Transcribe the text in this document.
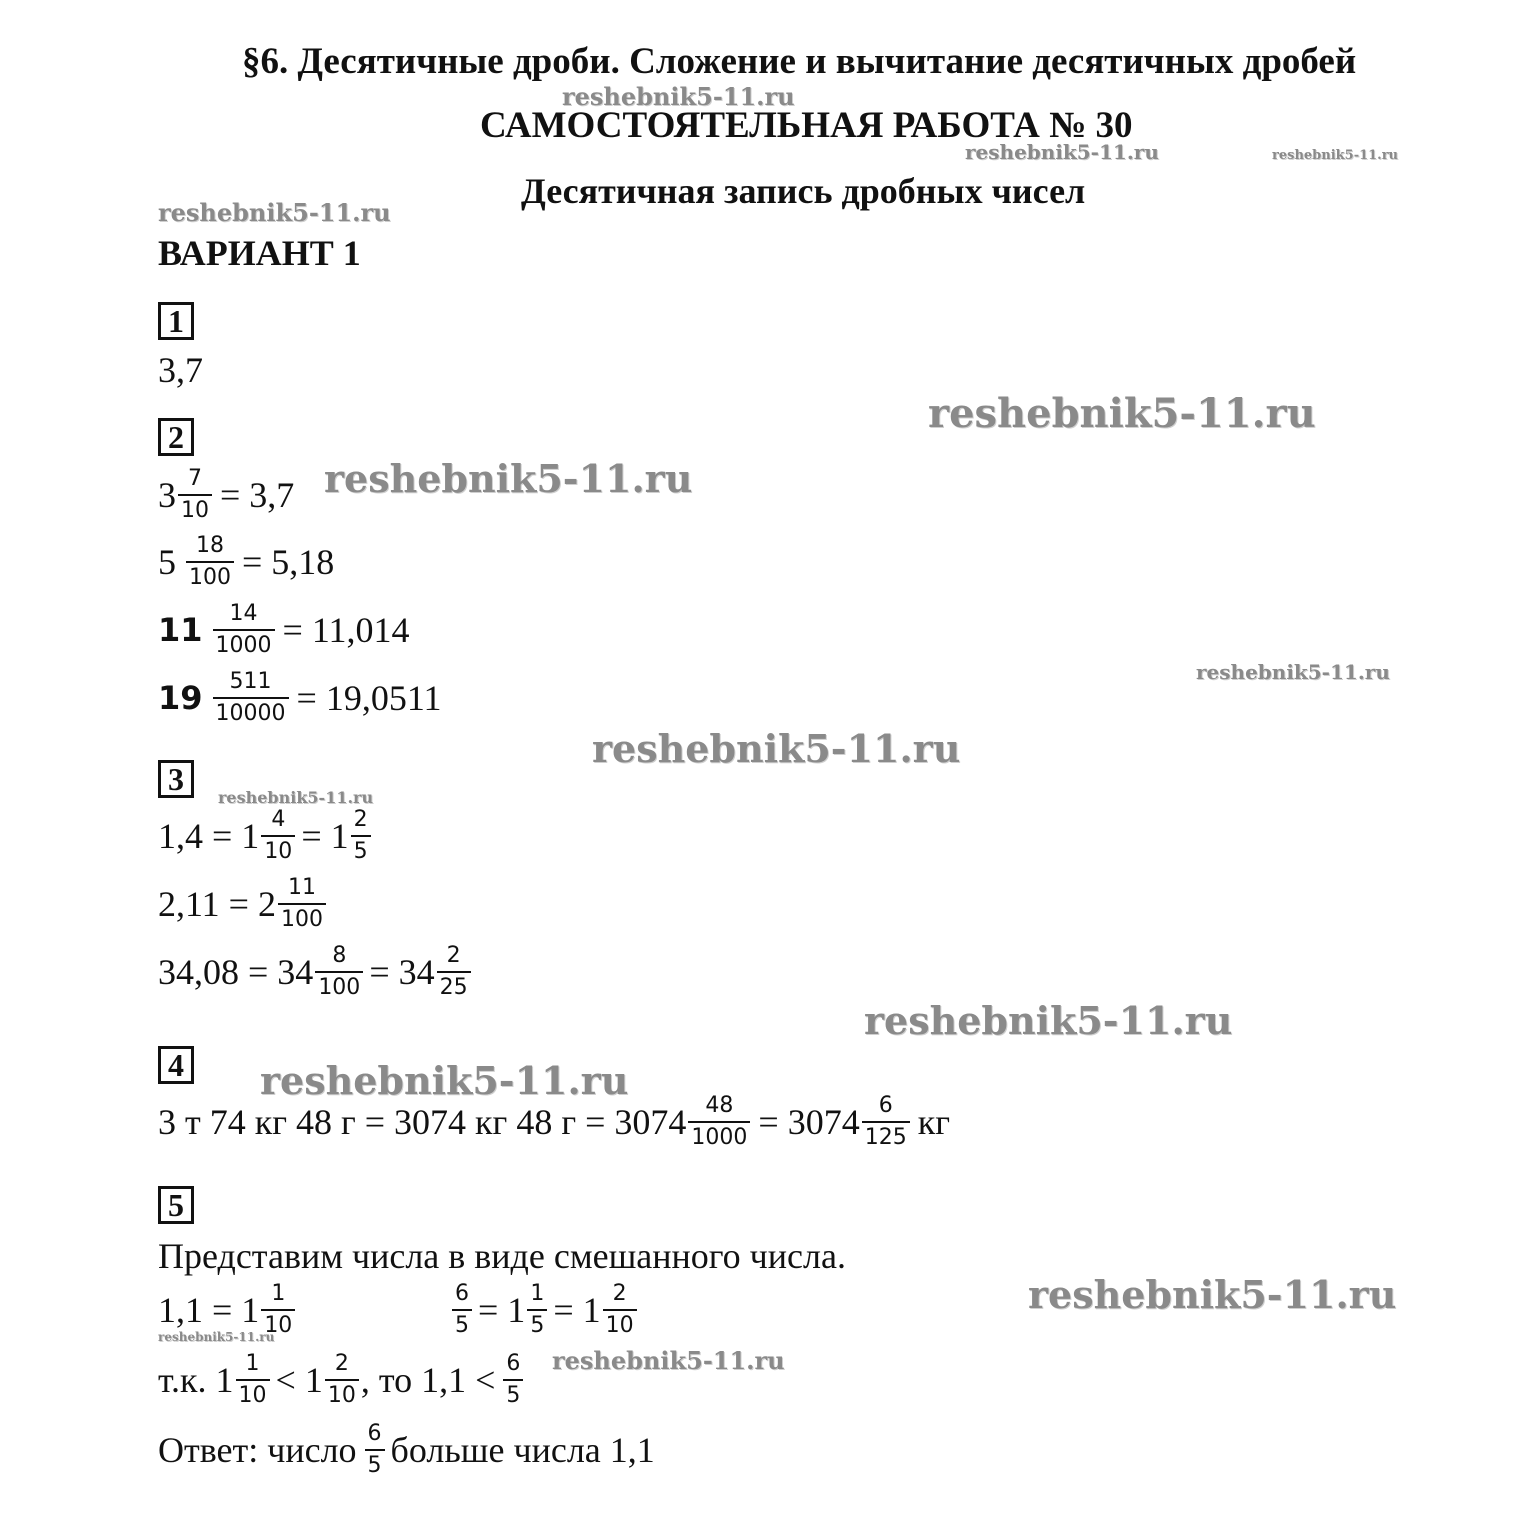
§6. Десятичные дроби. Сложение и вычитание десятичных дробей
САМОСТОЯТЕЛЬНАЯ РАБОТА № 30
Десятичная запись дробных чисел
ВАРИАНТ 1
1
3,7
2
$3 \frac{7}{10} = 3,7$
$5 \frac{18}{100} = 5,18$
$11 \frac{14}{1000} = 11,014$
$19 \frac{511}{10000} = 19,0511$
3
$1,4 = 1 \frac{4}{10} = 1 \frac{2}{5}$
$2,11 = 2 \frac{11}{100}$
$34,08 = 34 \frac{8}{100} = 34 \frac{2}{25}$
4
3 т 74 кг 48 г = 3074 кг 48 $г = 3074 \frac{48}{1000} = 3074 \frac{6}{125}$ кг
5
Представим числа в виде смешанного числа.
$1,1 = 1 \frac{1}{10}$	$\frac{6}{5} = 1 \frac{1}{5} = 1 \frac{2}{10}$
т.к. $1 \frac{1}{10} < 1 \frac{2}{10}$ , то $1,1 < \frac{6}{5}$
Ответ: число $\frac{6}{5}$ больше числа 1,1
reshebnik5-11.ru
reshebnik5-11.ru	reshebnik5-11.ru
reshebnik5-11.ru
reshebnik5-11.ru
reshebnik5-11.ru
reshebnik5-11.ru
reshebnik5-11.ru
reshebnik5-11.ru
reshebnik5-11.ru
reshebnik5-11.ru
reshebnik5-11.ru
reshebnik5-11.ru
reshebnik5-11.ru
